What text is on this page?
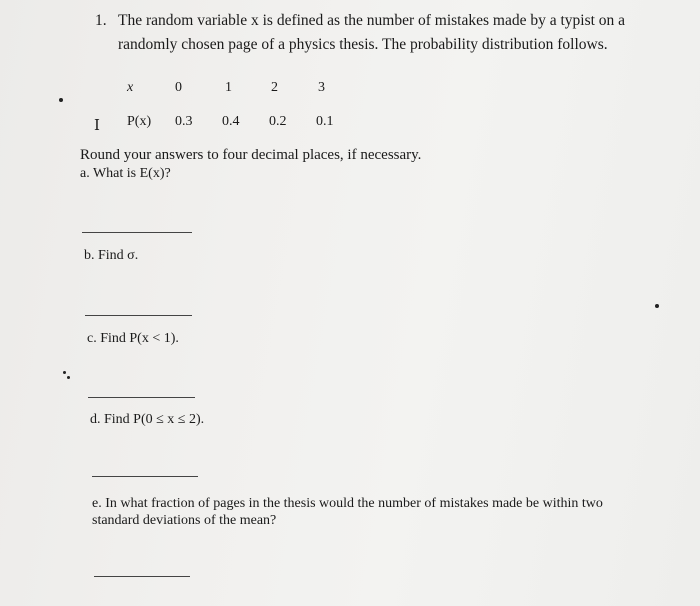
1. The random variable x is defined as the number of mistakes made by a typist on a
randomly chosen page of a physics thesis. The probability distribution follows.
x	0	1	2	3
P(x) 0.3 0.4 0.2 0.1
I
Round your answers to four decimal places, if necessary.
a. What is E(x)?
b. Find σ.
c. Find P(x < 1).
d. Find P(0 ≤ x ≤ 2).
e. In what fraction of pages in the thesis would the number of mistakes made be within two
standard deviations of the mean?
